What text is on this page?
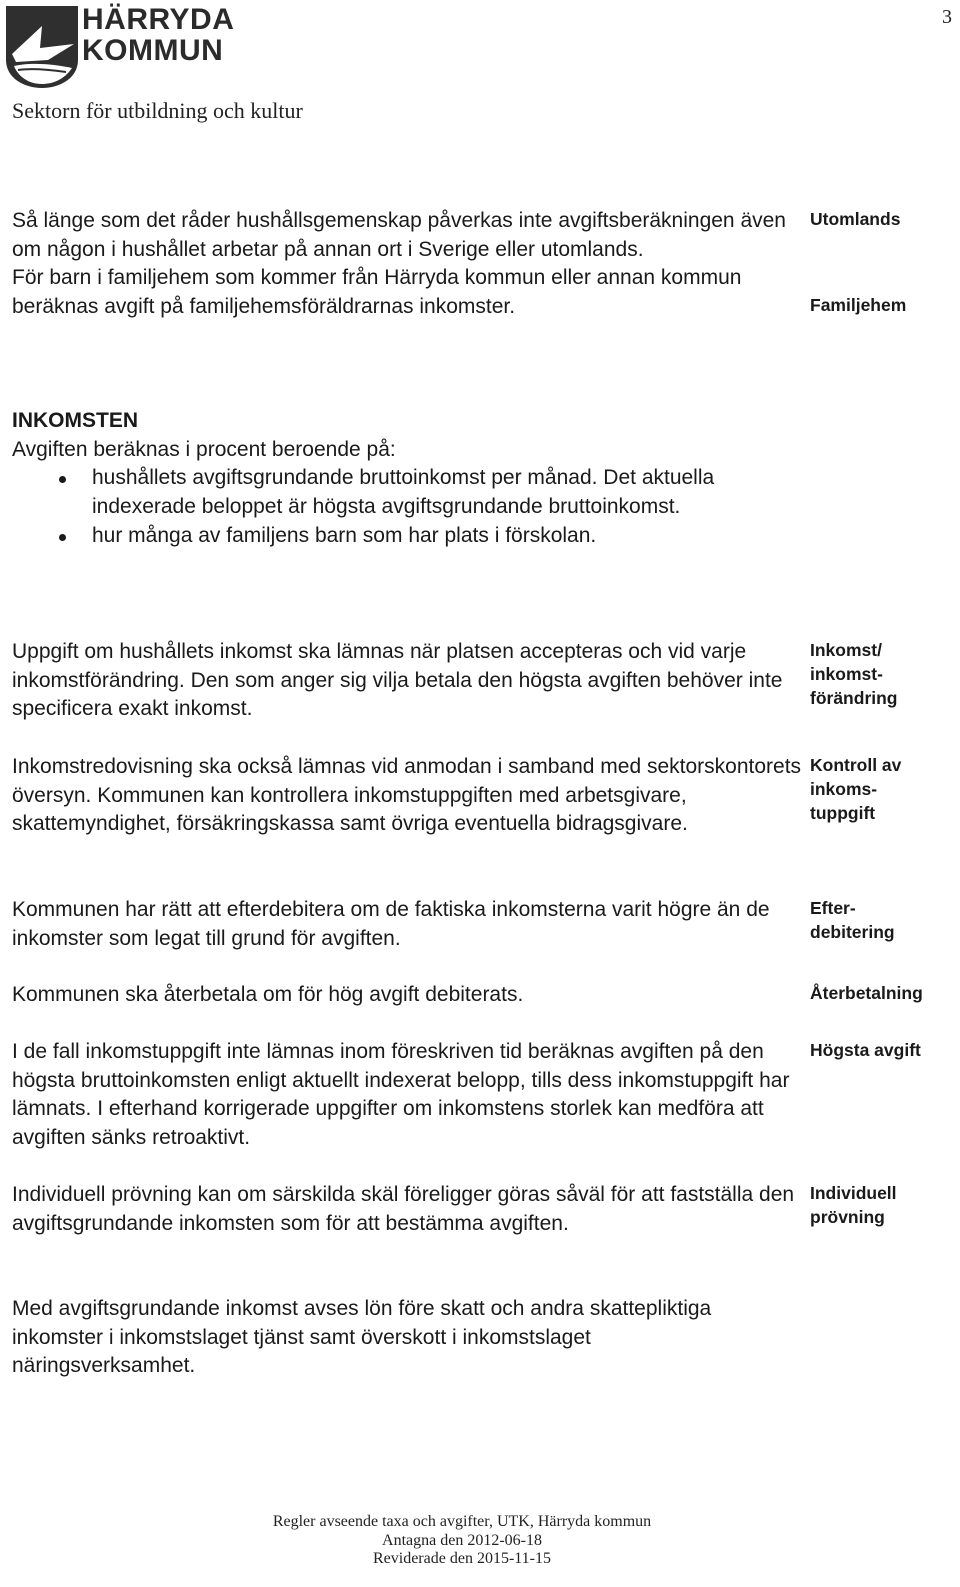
HÄRRYDA
KOMMUN
3
Sektorn för utbildning och kultur

Så länge som det råder hushållsgemenskap påverkas inte avgiftsberäkningen även om någon i hushållet arbetar på annan ort i Sverige eller utomlands.

För barn i familjehem som kommer från Härryda kommun eller annan kommun beräknas avgift på familjehemsföräldrarnas inkomster.

INKOMSTEN

Avgiften beräknas i procent beroende på:

hushållets avgiftsgrundande bruttoinkomst per månad. Det aktuella indexerade beloppet är högsta avgiftsgrundande bruttoinkomst.
hur många av familjens barn som har plats i förskolan.
Uppgift om hushållets inkomst ska lämnas när platsen accepteras och vid varje inkomstförändring. Den som anger sig vilja betala den högsta avgiften behöver inte specificera exakt inkomst.
Inkomstredovisning ska också lämnas vid anmodan i samband med sektorskontorets översyn. Kommunen kan kontrollera inkomstuppgiften med arbetsgivare, skattemyndighet, försäkringskassa samt övriga eventuella bidragsgivare.
Kommunen har rätt att efterdebitera om de faktiska inkomsterna varit högre än de inkomster som legat till grund för avgiften.
Kommunen ska återbetala om för hög avgift debiterats.
I de fall inkomstuppgift inte lämnas inom föreskriven tid beräknas avgiften på den högsta bruttoinkomsten enligt aktuellt indexerat belopp, tills dess inkomstuppgift har lämnats. I efterhand korrigerade uppgifter om inkomstens storlek kan medföra att avgiften sänks retroaktivt.
Individuell prövning kan om särskilda skäl föreligger göras såväl för att fastställa den avgiftsgrundande inkomsten som för att bestämma avgiften.
Med avgiftsgrundande inkomst avses lön före skatt och andra skattepliktiga inkomster i inkomstslaget tjänst samt överskott i inkomstslaget näringsverksamhet.
Utomlands
Familjehem
Inkomst/
inkomst-
förändring
Kontroll av
inkoms-
tuppgift
Efter-
debitering
Återbetalning
Högsta avgift
Individuell
prövning
Regler avseende taxa och avgifter, UTK, Härryda kommun
Antagna den 2012-06-18
Reviderade den 2015-11-15
